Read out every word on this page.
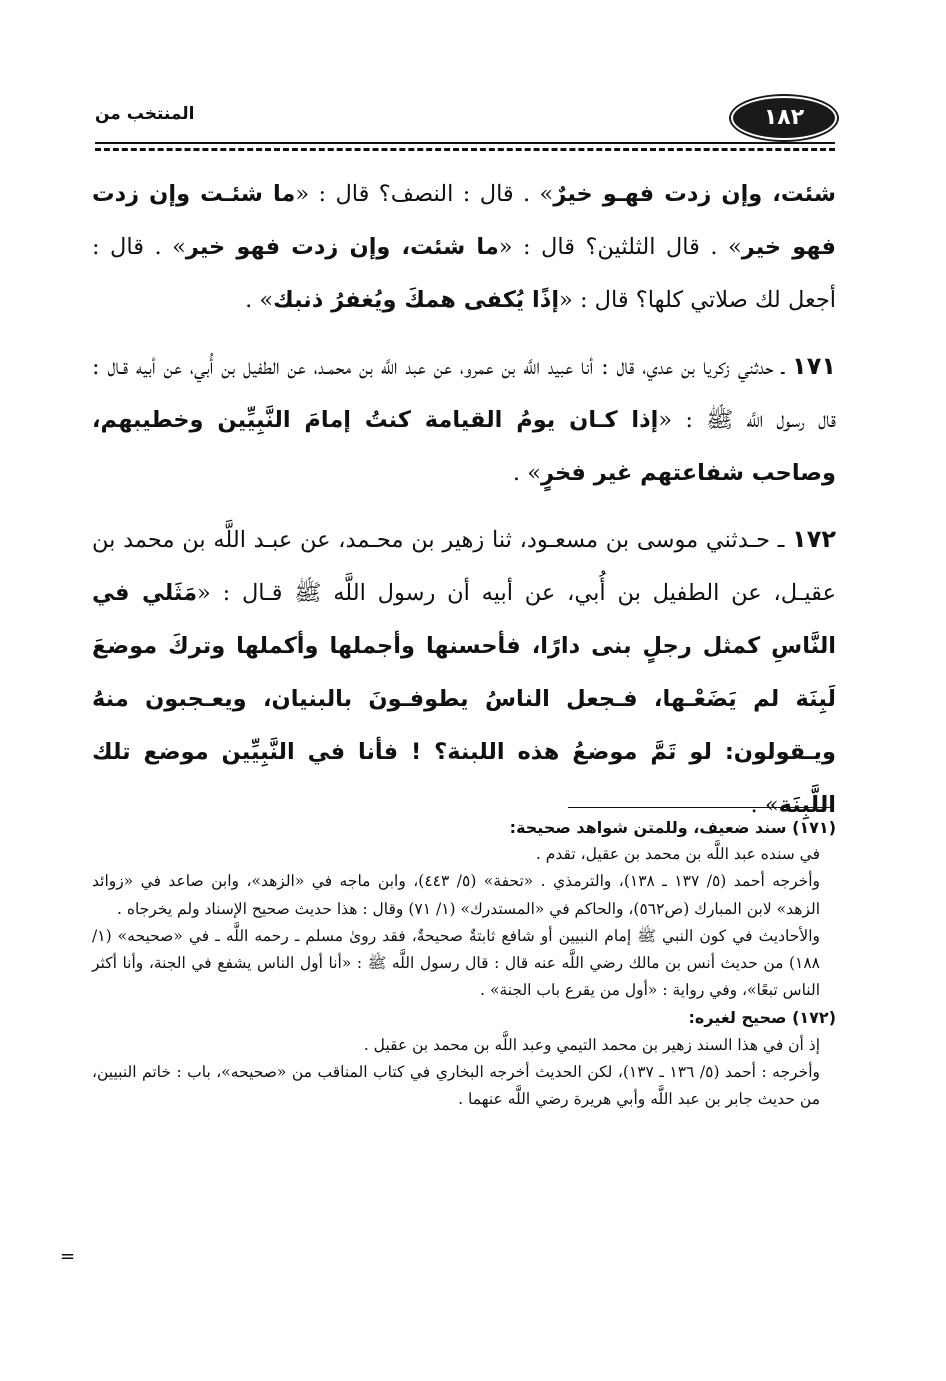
١٨٢
المنتخب من

شئت، وإن زدت فهـو خيرٌ» . قال : النصف؟ قال : «ما شئـت وإن زدت فهو خير» . قال الثلثين؟ قال : «ما شئت، وإن زدت فهو خير» . قال : أجعل لك صلاتي كلها؟ قال : «إذًا يُكفى همكَ ويُغفرُ ذنبك» .

١٧١ ـ حدثني زكريا بن عدي، قال : أنا عبيد اللَّه بن عمرو، عن عبد اللَّه بن محمـد، عن الطفيل بن أُبي، عن أبيه قـال : قال رسول اللَّه ﷺ : «إذا كـان يومُ القيامة كنتُ إمامَ النَّبِيِّين وخطيبهم، وصاحب شفاعتهم غير فخرٍ» .

١٧٢ ـ حـدثني موسى بن مسعـود، ثنا زهير بن محـمد، عن عبـد اللَّه بن محمد بن عقيـل، عن الطفيل بن أُبي، عن أبيه أن رسول اللَّه ﷺ قـال : «مَثَلي في النَّاسِ كمثل رجلٍ بنى دارًا، فأحسنها وأجملها وأكملها وتركَ موضعَ لَبِنَة لم يَضَعْـها، فـجعل الناسُ يطوفـونَ بالبنيان، ويعـجبون منهُ ويـقولون: لو تَمَّ موضعُ هذه اللبنة؟ ! فأنا في النَّبِيِّين موضع تلك اللَّبِنَة» .

(١٧١) سند ضعيف، وللمتن شواهد صحيحة:

في سنده عبد اللَّه بن محمد بن عقيل، تقدم .

وأخرجه أحمد (٥/ ١٣٧ ـ ١٣٨)، والترمذي . «تحفة» (٥/ ٤٤٣)، وابن ماجه في «الزهد»، وابن صاعد في «زوائد الزهد» لابن المبارك (ص٥٦٢)، والحاكم في «المستدرك» (١/ ٧١) وقال : هذا حديث صحيح الإسناد ولم يخرجاه .

والأحاديث في كون النبي ﷺ إمام النبيين أو شافع ثابتةٌ صحيحةٌ، فقد روىٰ مسلم ـ رحمه اللَّه ـ في «صحيحه» (١/ ١٨٨) من حديث أنس بن مالك رضي اللَّه عنه قال : قال رسول اللَّه ﷺ : «أنا أول الناس يشفع في الجنة، وأنا أكثر الناس تبعًا»، وفي رواية : «أول من يقرع باب الجنة» .

(١٧٢) صحيح لغيره:

إذ أن في هذا السند زهير بن محمد التيمي وعبد اللَّه بن محمد بن عقيل .

وأخرجه : أحمد (٥/ ١٣٦ ـ ١٣٧)، لكن الحديث أخرجه البخاري في كتاب المناقب من «صحيحه»، باب : خاتم النبيين، من حديث جابر بن عبد اللَّه وأبي هريرة رضي اللَّه عنهما .

=
